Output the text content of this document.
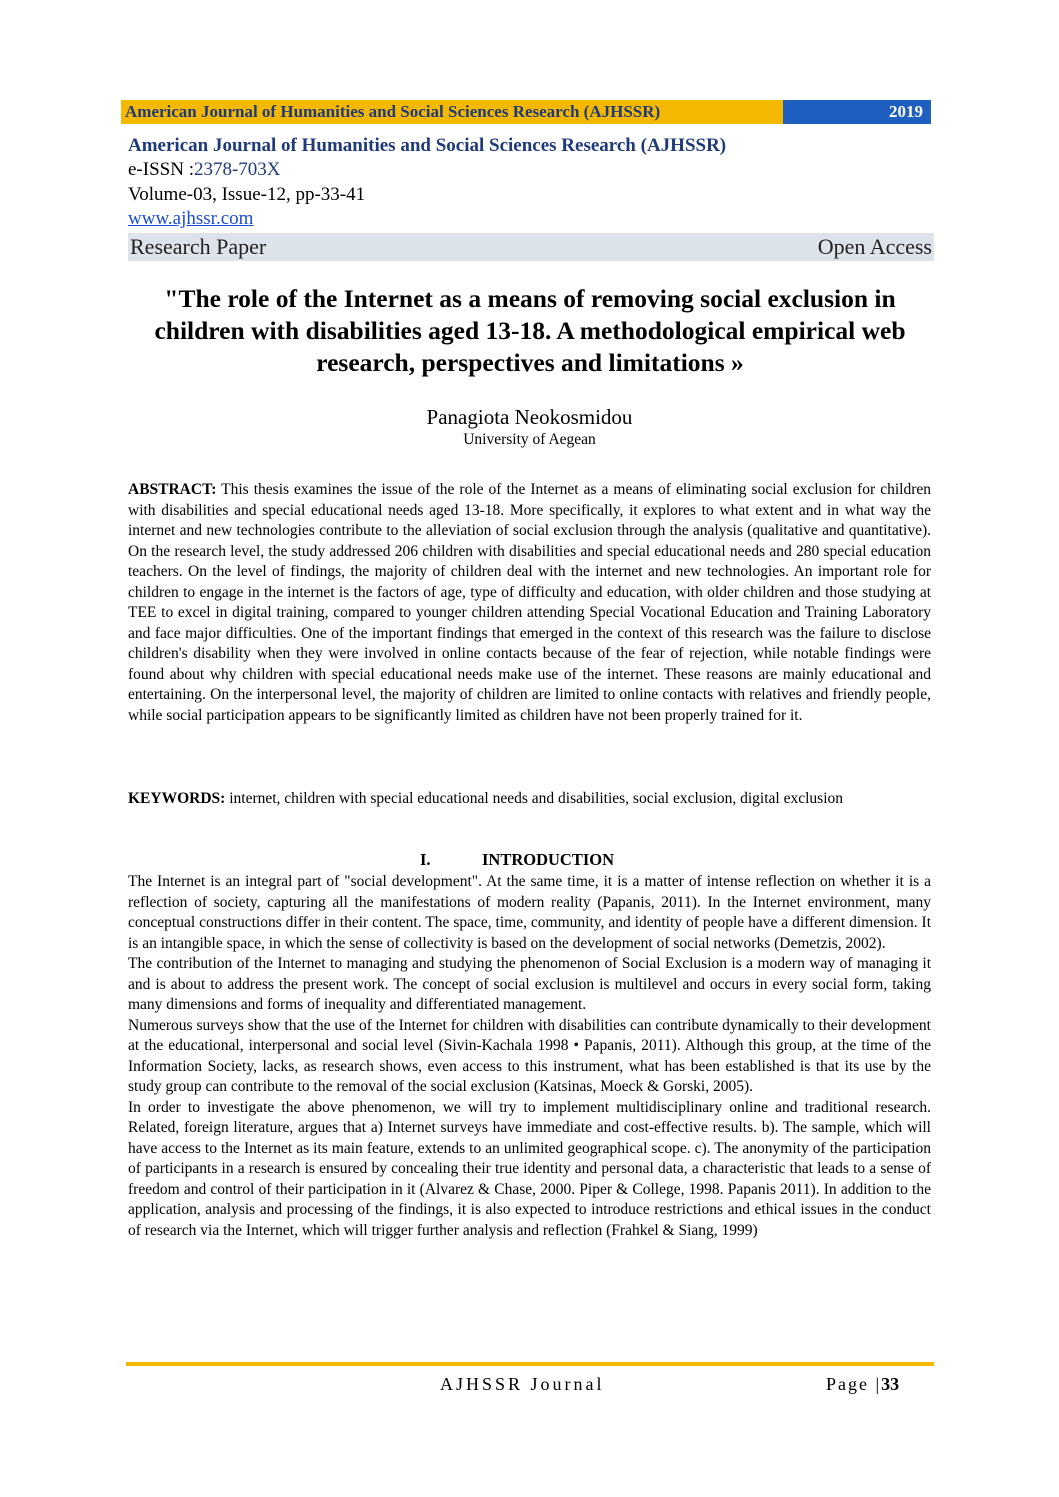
American Journal of Humanities and Social Sciences Research (AJHSSR)	2019
American Journal of Humanities and Social Sciences Research (AJHSSR)
e-ISSN :2378-703X
Volume-03, Issue-12, pp-33-41
www.ajhssr.com
Research Paper	Open Access
"The role of the Internet as a means of removing social exclusion in children with disabilities aged 13-18. A methodological empirical web research, perspectives and limitations »
Panagiota Neokosmidou
University of Aegean
ABSTRACT: This thesis examines the issue of the role of the Internet as a means of eliminating social exclusion for children with disabilities and special educational needs aged 13-18. More specifically, it explores to what extent and in what way the internet and new technologies contribute to the alleviation of social exclusion through the analysis (qualitative and quantitative). On the research level, the study addressed 206 children with disabilities and special educational needs and 280 special education teachers. On the level of findings, the majority of children deal with the internet and new technologies. An important role for children to engage in the internet is the factors of age, type of difficulty and education, with older children and those studying at TEE to excel in digital training, compared to younger children attending Special Vocational Education and Training Laboratory and face major difficulties. One of the important findings that emerged in the context of this research was the failure to disclose children's disability when they were involved in online contacts because of the fear of rejection, while notable findings were found about why children with special educational needs make use of the internet. These reasons are mainly educational and entertaining. On the interpersonal level, the majority of children are limited to online contacts with relatives and friendly people, while social participation appears to be significantly limited as children have not been properly trained for it.
KEYWORDS: internet, children with special educational needs and disabilities, social exclusion, digital exclusion
I.	INTRODUCTION

The Internet is an integral part of "social development". At the same time, it is a matter of intense reflection on whether it is a reflection of society, capturing all the manifestations of modern reality (Papanis, 2011). In the Internet environment, many conceptual constructions differ in their content. The space, time, community, and identity of people have a different dimension. It is an intangible space, in which the sense of collectivity is based on the development of social networks (Demetzis, 2002).

The contribution of the Internet to managing and studying the phenomenon of Social Exclusion is a modern way of managing it and is about to address the present work. The concept of social exclusion is multilevel and occurs in every social form, taking many dimensions and forms of inequality and differentiated management.

Numerous surveys show that the use of the Internet for children with disabilities can contribute dynamically to their development at the educational, interpersonal and social level (Sivin-Kachala 1998 • Papanis, 2011). Although this group, at the time of the Information Society, lacks, as research shows, even access to this instrument, what has been established is that its use by the study group can contribute to the removal of the social exclusion (Katsinas, Moeck & Gorski, 2005).

In order to investigate the above phenomenon, we will try to implement multidisciplinary online and traditional research. Related, foreign literature, argues that a) Internet surveys have immediate and cost-effective results. b). The sample, which will have access to the Internet as its main feature, extends to an unlimited geographical scope. c). The anonymity of the participation of participants in a research is ensured by concealing their true identity and personal data, a characteristic that leads to a sense of freedom and control of their participation in it (Alvarez & Chase, 2000. Piper & College, 1998. Papanis 2011). In addition to the application, analysis and processing of the findings, it is also expected to introduce restrictions and ethical issues in the conduct of research via the Internet, which will trigger further analysis and reflection (Frahkel & Siang, 1999)

AJHSSR Journal	Page |33
